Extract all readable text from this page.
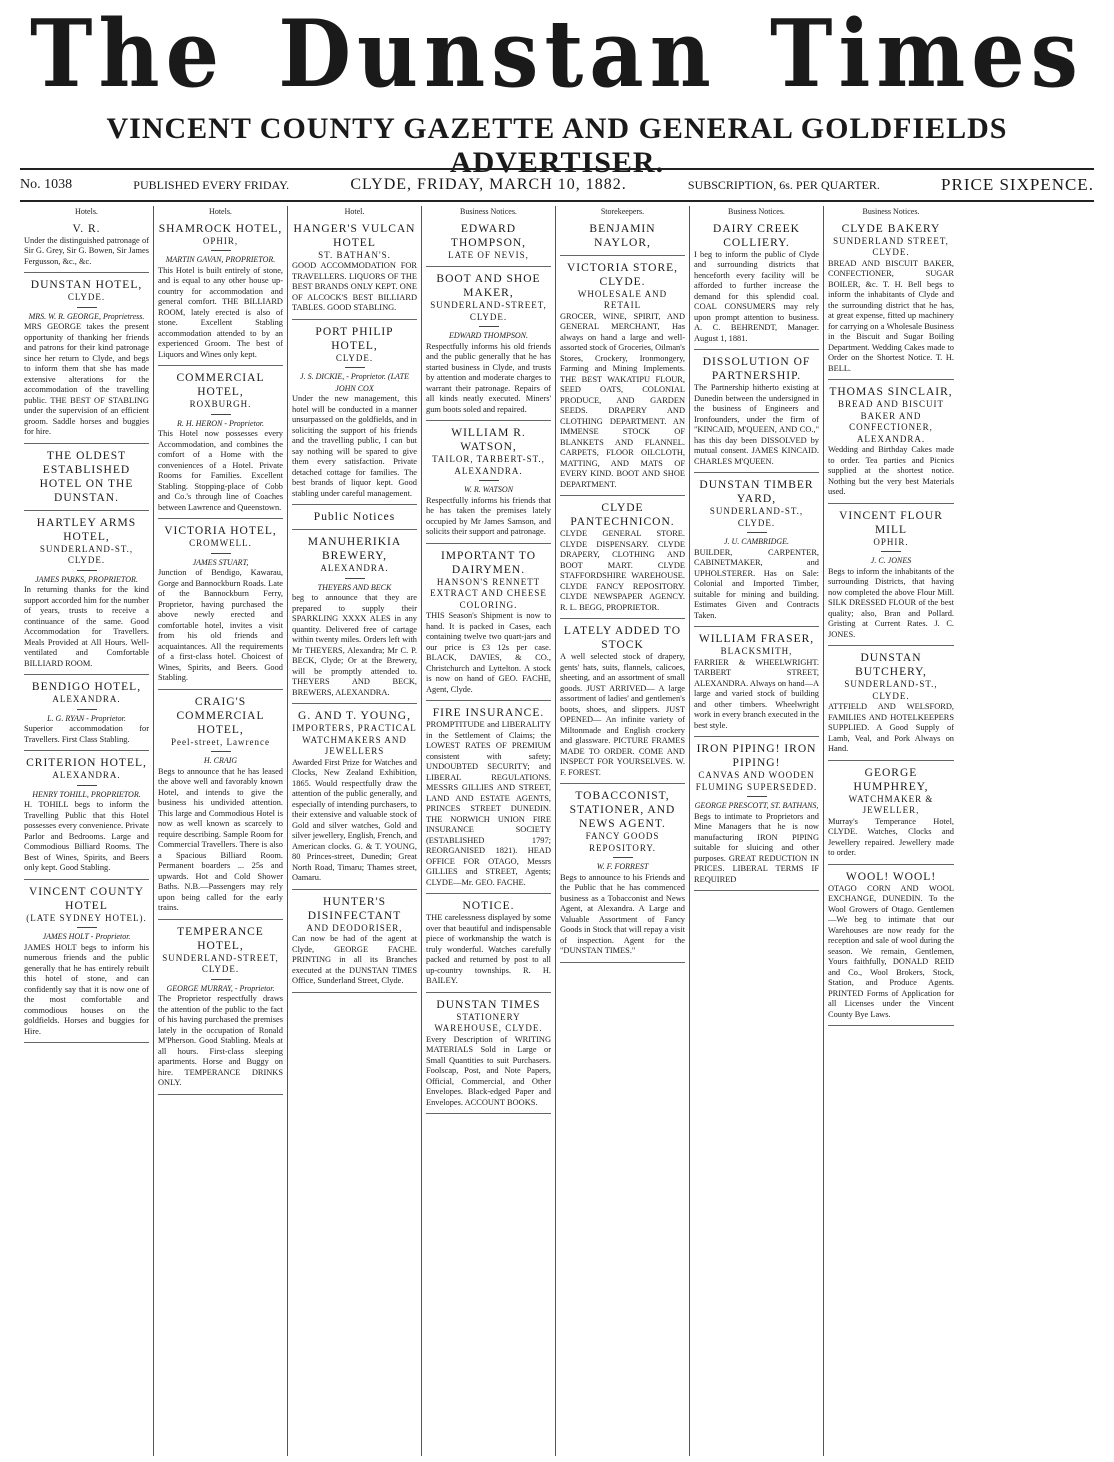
The Dunstan Times
VINCENT COUNTY GAZETTE AND GENERAL GOLDFIELDS ADVERTISER.
No. 1038	PUBLISHED EVERY FRIDAY.	CLYDE, FRIDAY, MARCH 10, 1882.	SUBSCRIPTION, 6s. PER QUARTER.	PRICE SIXPENCE.
Hotels.
V. R.
Under the distinguished patronage of Sir G. Grey, Sir G. Bowen, Sir James Fergusson, &c., &c.
DUNSTAN HOTEL,
CLYDE.
MRS. W. R. GEORGE, Proprietress.
MRS GEORGE takes the present opportunity of thanking her friends and patrons for their kind patronage since her return to Clyde, and begs to inform them that she has made extensive alterations for the accommodation of the travelling public. THE BEST OF STABLING under the supervision of an efficient groom. Saddle horses and buggies for hire.
THE OLDEST ESTABLISHED HOTEL ON THE DUNSTAN.
HARTLEY ARMS HOTEL,
SUNDERLAND-ST., CLYDE.
JAMES PARKS, PROPRIETOR.
In returning thanks for the kind support accorded him for the number of years, trusts to receive a continuance of the same. Good Accommodation for Travellers. Meals Provided at All Hours. Well-ventilated and Comfortable BILLIARD ROOM.
BENDIGO HOTEL,
ALEXANDRA.
L. G. RYAN - Proprietor.
Superior accommodation for Travellers. First Class Stabling.
CRITERION HOTEL,
ALEXANDRA.
HENRY TOHILL, PROPRIETOR.
H. TOHILL begs to inform the Travelling Public that this Hotel possesses every convenience. Private Parlor and Bedrooms. Large and Commodious Billiard Rooms. The Best of Wines, Spirits, and Beers only kept. Good Stabling.
VINCENT COUNTY HOTEL
(LATE SYDNEY HOTEL).
JAMES HOLT - Proprietor.
JAMES HOLT begs to inform his numerous friends and the public generally that he has entirely rebuilt this hotel of stone, and can confidently say that it is now one of the most comfortable and commodious houses on the goldfields. Horses and buggies for Hire.
Hotels.
SHAMROCK HOTEL,
OPHIR,
MARTIN GAVAN, PROPRIETOR.
This Hotel is built entirely of stone, and is equal to any other house up-country for accommodation and general comfort. THE BILLIARD ROOM, lately erected is also of stone. Excellent Stabling accommodation attended to by an experienced Groom. The best of Liquors and Wines only kept.
COMMERCIAL HOTEL,
ROXBURGH.
R. H. HERON - Proprietor.
This Hotel now possesses every Accommodation, and combines the comfort of a Home with the conveniences of a Hotel. Private Rooms for Families. Excellent Stabling. Stopping-place of Cobb and Co.'s through line of Coaches between Lawrence and Queenstown.
VICTORIA HOTEL,
CROMWELL.
JAMES STUART,
Junction of Bendigo, Kawarau, Gorge and Bannockburn Roads. Late of the Bannockburn Ferry, Proprietor, having purchased the above newly erected and comfortable hotel, invites a visit from his old friends and acquaintances. All the requirements of a first-class hotel. Choicest of Wines, Spirits, and Beers. Good Stabling.
CRAIG'S COMMERCIAL HOTEL,
Peel-street, Lawrence
H. CRAIG
Begs to announce that he has leased the above well and favorably known Hotel, and intends to give the business his undivided attention. This large and Commodious Hotel is now as well known as scarcely to require describing. Sample Room for Commercial Travellers. There is also a Spacious Billiard Room. Permanent boarders ... 25s and upwards. Hot and Cold Shower Baths. N.B.—Passengers may rely upon being called for the early trains.
TEMPERANCE HOTEL,
SUNDERLAND-STREET, CLYDE.
GEORGE MURRAY, - Proprietor.
The Proprietor respectfully draws the attention of the public to the fact of his having purchased the premises lately in the occupation of Ronald M'Pherson. Good Stabling. Meals at all hours. First-class sleeping apartments. Horse and Buggy on hire. TEMPERANCE DRINKS ONLY.
Hotel.
HANGER'S VULCAN HOTEL
ST. BATHAN'S.
GOOD ACCOMMODATION FOR TRAVELLERS. LIQUORS OF THE BEST BRANDS ONLY KEPT. ONE OF ALCOCK'S BEST BILLIARD TABLES. GOOD STABLING.
PORT PHILIP HOTEL,
CLYDE.
J. S. DICKIE, - Proprietor. (LATE JOHN COX
Under the new management, this hotel will be conducted in a manner unsurpassed on the goldfields, and in soliciting the support of his friends and the travelling public, I can but say nothing will be spared to give them every satisfaction. Private detached cottage for families. The best brands of liquor kept. Good stabling under careful management.
Public Notices
MANUHERIKIA BREWERY,
ALEXANDRA.
THEYERS AND BECK
beg to announce that they are prepared to supply their SPARKLING XXXX ALES in any quantity. Delivered free of cartage within twenty miles. Orders left with Mr THEYERS, Alexandra; Mr C. P. BECK, Clyde; Or at the Brewery, will be promptly attended to. THEYERS AND BECK, BREWERS, ALEXANDRA.
G. AND T. YOUNG,
IMPORTERS, PRACTICAL WATCHMAKERS AND JEWELLERS
Awarded First Prize for Watches and Clocks, New Zealand Exhibition, 1865. Would respectfully draw the attention of the public generally, and especially of intending purchasers, to their extensive and valuable stock of Gold and silver watches, Gold and silver jewellery, English, French, and American clocks. G. & T. YOUNG, 80 Princes-street, Dunedin; Great North Road, Timaru; Thames street, Oamaru.
HUNTER'S DISINFECTANT
AND DEODORISER,
Can now be had of the agent at Clyde, GEORGE FACHE. PRINTING in all its Branches executed at the DUNSTAN TIMES Office, Sunderland Street, Clyde.
Business Notices.
EDWARD THOMPSON,
LATE OF NEVIS,
BOOT AND SHOE MAKER,
SUNDERLAND-STREET, CLYDE.
EDWARD THOMPSON.
Respectfully informs his old friends and the public generally that he has started business in Clyde, and trusts by attention and moderate charges to warrant their patronage. Repairs of all kinds neatly executed. Miners' gum boots soled and repaired.
WILLIAM R. WATSON,
TAILOR, TARBERT-ST., ALEXANDRA.
W. R. WATSON
Respectfully informs his friends that he has taken the premises lately occupied by Mr James Samson, and solicits their support and patronage.
IMPORTANT TO DAIRYMEN.
HANSON'S RENNETT EXTRACT AND CHEESE COLORING.
THIS Season's Shipment is now to hand. It is packed in Cases, each containing twelve two quart-jars and our price is £3 12s per case. BLACK, DAVIES, & CO., Christchurch and Lyttelton. A stock is now on hand of GEO. FACHE, Agent, Clyde.
FIRE INSURANCE.
PROMPTITUDE and LIBERALITY in the Settlement of Claims; the LOWEST RATES OF PREMIUM consistent with safety; UNDOUBTED SECURITY; and LIBERAL REGULATIONS. MESSRS GILLIES AND STREET, LAND AND ESTATE AGENTS, PRINCES STREET DUNEDIN. THE NORWICH UNION FIRE INSURANCE SOCIETY (ESTABLISHED 1797; REORGANISED 1821). HEAD OFFICE FOR OTAGO, Messrs GILLIES and STREET, Agents; CLYDE—Mr. GEO. FACHE.
NOTICE.
THE carelessness displayed by some over that beautiful and indispensable piece of workmanship the watch is truly wonderful. Watches carefully packed and returned by post to all up-country townships. R. H. BAILEY.
DUNSTAN TIMES
STATIONERY WAREHOUSE, CLYDE.
Every Description of WRITING MATERIALS Sold in Large or Small Quantities to suit Purchasers. Foolscap, Post, and Note Papers, Official, Commercial, and Other Envelopes. Black-edged Paper and Envelopes. ACCOUNT BOOKS.
Storekeepers.
BENJAMIN NAYLOR,
VICTORIA STORE, CLYDE.
WHOLESALE AND RETAIL
GROCER, WINE, SPIRIT, AND GENERAL MERCHANT, Has always on hand a large and well-assorted stock of Groceries, Oilman's Stores, Crockery, Ironmongery, Farming and Mining Implements. THE BEST WAKATIPU FLOUR, SEED OATS, COLONIAL PRODUCE, AND GARDEN SEEDS. DRAPERY AND CLOTHING DEPARTMENT. AN IMMENSE STOCK OF BLANKETS AND FLANNEL. CARPETS, FLOOR OILCLOTH, MATTING, AND MATS OF EVERY KIND. BOOT AND SHOE DEPARTMENT.
CLYDE PANTECHNICON.
CLYDE GENERAL STORE. CLYDE DISPENSARY. CLYDE DRAPERY, CLOTHING AND BOOT MART. CLYDE STAFFORDSHIRE WAREHOUSE. CLYDE FANCY REPOSITORY. CLYDE NEWSPAPER AGENCY. R. L. BEGG, PROPRIETOR.
LATELY ADDED TO STOCK
A well selected stock of drapery, gents' hats, suits, flannels, calicoes, sheeting, and an assortment of small goods. JUST ARRIVED— A large assortment of ladies' and gentlemen's boots, shoes, and slippers. JUST OPENED— An infinite variety of Miltonmade and English crockery and glassware. PICTURE FRAMES MADE TO ORDER. COME AND INSPECT FOR YOURSELVES. W. F. FOREST.
TOBACCONIST, STATIONER, AND NEWS AGENT.
FANCY GOODS REPOSITORY.
W. F. FORREST
Begs to announce to his Friends and the Public that he has commenced business as a Tobacconist and News Agent, at Alexandra. A Large and Valuable Assortment of Fancy Goods in Stock that will repay a visit of inspection. Agent for the "DUNSTAN TIMES."
Business Notices.
DAIRY CREEK COLLIERY.
I beg to inform the public of Clyde and surrounding districts that henceforth every facility will be afforded to further increase the demand for this splendid coal. COAL CONSUMERS may rely upon prompt attention to business. A. C. BEHRENDT, Manager. August 1, 1881.
DISSOLUTION OF PARTNERSHIP.
The Partnership hitherto existing at Dunedin between the undersigned in the business of Engineers and Ironfounders, under the firm of "KINCAID, M'QUEEN, AND CO.," has this day been DISSOLVED by mutual consent. JAMES KINCAID. CHARLES M'QUEEN.
DUNSTAN TIMBER YARD,
SUNDERLAND-ST., CLYDE.
J. U. CAMBRIDGE.
BUILDER, CARPENTER, CABINETMAKER, and UPHOLSTERER. Has on Sale: Colonial and Imported Timber, suitable for mining and building. Estimates Given and Contracts Taken.
WILLIAM FRASER,
BLACKSMITH,
FARRIER & WHEELWRIGHT. TARBERT STREET, ALEXANDRA. Always on hand—A large and varied stock of building and other timbers. Wheelwright work in every branch executed in the best style.
IRON PIPING! IRON PIPING!
CANVAS AND WOODEN FLUMING SUPERSEDED.
GEORGE PRESCOTT, ST. BATHANS,
Begs to intimate to Proprietors and Mine Managers that he is now manufacturing IRON PIPING suitable for sluicing and other purposes. GREAT REDUCTION IN PRICES. LIBERAL TERMS IF REQUIRED
Business Notices.
CLYDE BAKERY
SUNDERLAND STREET, CLYDE.
BREAD AND BISCUIT BAKER, CONFECTIONER, SUGAR BOILER, &c. T. H. Bell begs to inform the inhabitants of Clyde and the surrounding district that he has, at great expense, fitted up machinery for carrying on a Wholesale Business in the Biscuit and Sugar Boiling Department. Wedding Cakes made to Order on the Shortest Notice. T. H. BELL.
THOMAS SINCLAIR,
BREAD AND BISCUIT BAKER AND CONFECTIONER, ALEXANDRA.
Wedding and Birthday Cakes made to order. Tea parties and Picnics supplied at the shortest notice. Nothing but the very best Materials used.
VINCENT FLOUR MILL
OPHIR.
J. C. JONES
Begs to inform the inhabitants of the surrounding Districts, that having now completed the above Flour Mill. SILK DRESSED FLOUR of the best quality; also, Bran and Pollard. Gristing at Current Rates. J. C. JONES.
DUNSTAN BUTCHERY,
SUNDERLAND-ST., CLYDE.
ATTFIELD AND WELSFORD, FAMILIES AND HOTELKEEPERS SUPPLIED. A Good Supply of Lamb, Veal, and Pork Always on Hand.
GEORGE HUMPHREY,
WATCHMAKER & JEWELLER,
Murray's Temperance Hotel, CLYDE. Watches, Clocks and Jewellery repaired. Jewellery made to order.
WOOL! WOOL!
OTAGO CORN AND WOOL EXCHANGE, DUNEDIN. To the Wool Growers of Otago. Gentlemen—We beg to intimate that our Warehouses are now ready for the reception and sale of wool during the season. We remain, Gentlemen, Yours faithfully, DONALD REID and Co., Wool Brokers, Stock, Station, and Produce Agents. PRINTED Forms of Application for all Licenses under the Vincent County Bye Laws.
